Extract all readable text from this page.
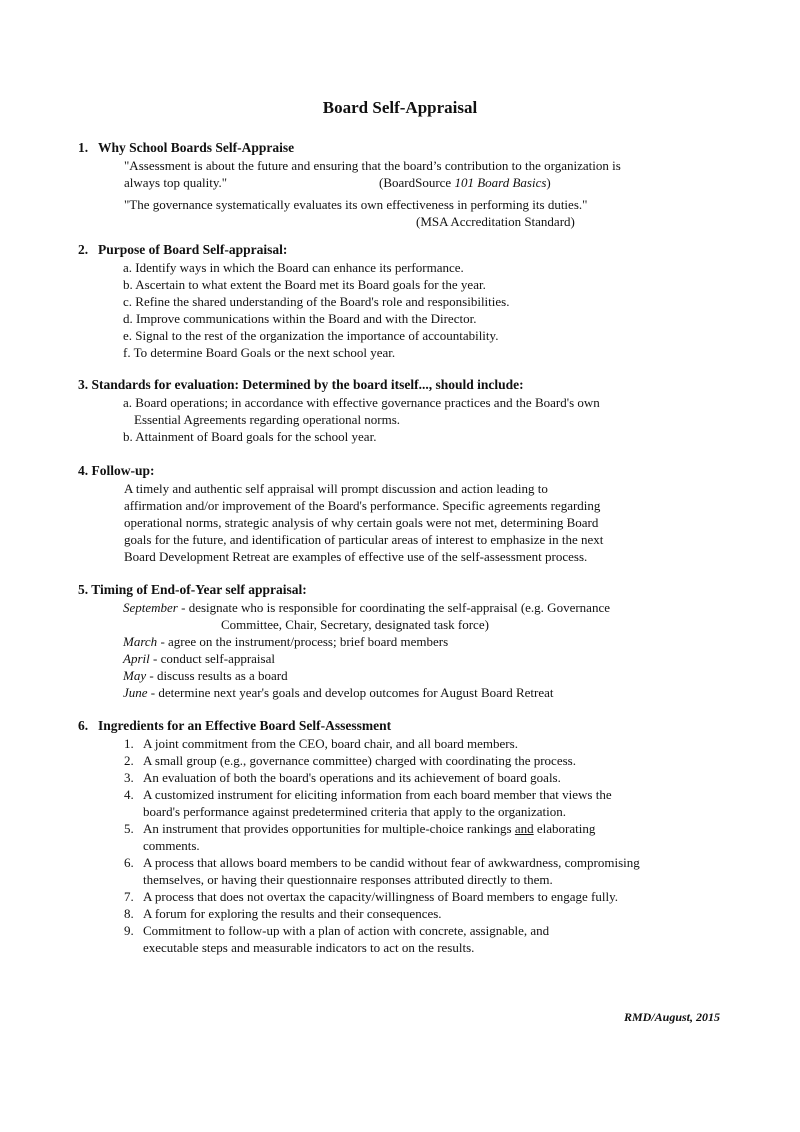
Board Self-Appraisal
1. Why School Boards Self-Appraise
"Assessment is about the future and ensuring that the board’s contribution to the organization is
always top quality."	(BoardSource 101 Board Basics)
"The governance systematically evaluates its own effectiveness in performing its duties."
(MSA Accreditation Standard)
2. Purpose of Board Self-appraisal:
a. Identify ways in which the Board can enhance its performance.
b. Ascertain to what extent the Board met its Board goals for the year.
c. Refine the shared understanding of the Board's role and responsibilities.
d. Improve communications within the Board and with the Director.
e. Signal to the rest of the organization the importance of accountability.
f. To determine Board Goals or the next school year.
3. Standards for evaluation: Determined by the board itself..., should include:
a. Board operations; in accordance with effective governance practices and the Board's own
Essential Agreements regarding operational norms.
b. Attainment of Board goals for the school year.
4. Follow-up:
A timely and authentic self appraisal will prompt discussion and action leading to
affirmation and/or improvement of the Board's performance. Specific agreements regarding
operational norms, strategic analysis of why certain goals were not met, determining Board
goals for the future, and identification of particular areas of interest to emphasize in the next
Board Development Retreat are examples of effective use of the self-assessment process.
5. Timing of End-of-Year self appraisal:
September - designate who is responsible for coordinating the self-appraisal (e.g. Governance
Committee, Chair, Secretary, designated task force)
March - agree on the instrument/process; brief board members
April - conduct self-appraisal
May - discuss results as a board
June - determine next year's goals and develop outcomes for August Board Retreat
6. Ingredients for an Effective Board Self-Assessment
1. A joint commitment from the CEO, board chair, and all board members.
2. A small group (e.g., governance committee) charged with coordinating the process.
3. An evaluation of both the board's operations and its achievement of board goals.
4. A customized instrument for eliciting information from each board member that views the
board's performance against predetermined criteria that apply to the organization.
5. An instrument that provides opportunities for multiple-choice rankings and elaborating
comments.
6. A process that allows board members to be candid without fear of awkwardness, compromising
themselves, or having their questionnaire responses attributed directly to them.
7. A process that does not overtax the capacity/willingness of Board members to engage fully.
8. A forum for exploring the results and their consequences.
9. Commitment to follow-up with a plan of action with concrete, assignable, and
executable steps and measurable indicators to act on the results.
RMD/August, 2015
